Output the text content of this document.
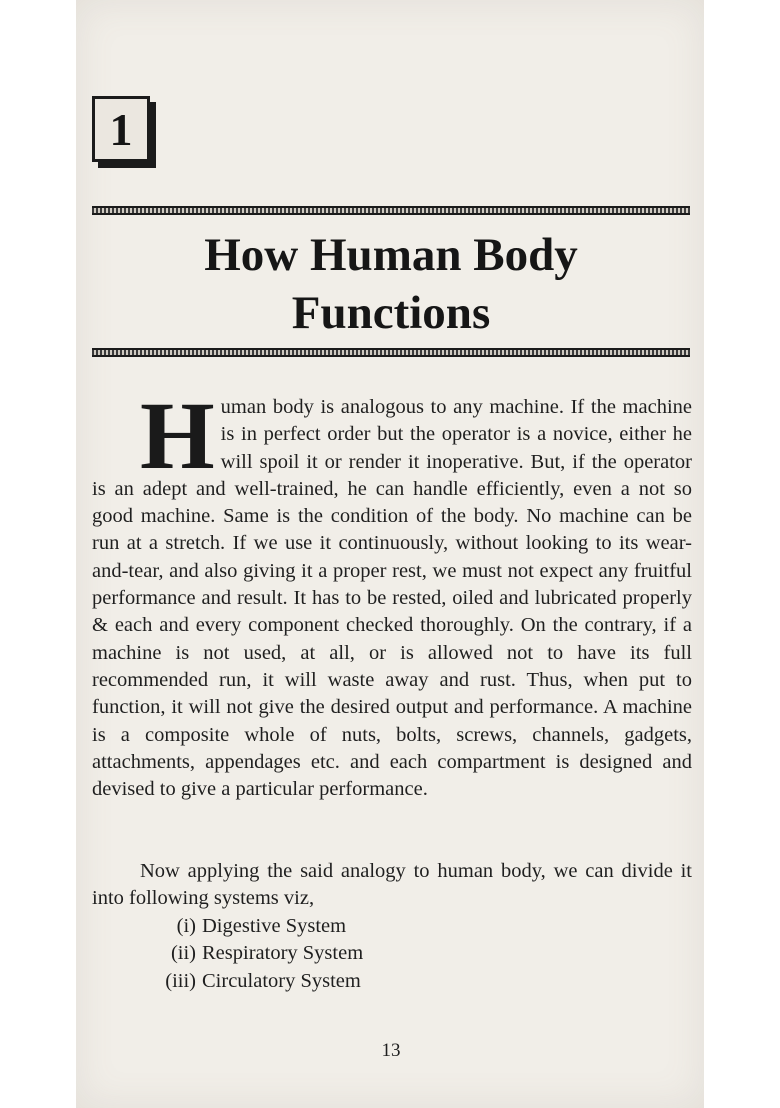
1
How Human Body
Functions

H uman body is analogous to any machine. If the machine is in perfect order but the operator is a novice, either he will spoil it or render it inoperative. But, if the operator is an adept and well-trained, he can handle efficiently, even a not so good machine. Same is the condition of the body. No machine can be run at a stretch. If we use it continuously, without looking to its wear-and-tear, and also giving it a proper rest, we must not expect any fruitful performance and result. It has to be rested, oiled and lubricated properly & each and every component checked thoroughly. On the contrary, if a machine is not used, at all, or is allowed not to have its full recommended run, it will waste away and rust. Thus, when put to function, it will not give the desired output and performance. A machine is a composite whole of nuts, bolts, screws, channels, gadgets, attachments, appendages etc. and each compartment is designed and devised to give a particular performance.

Now applying the said analogy to human body, we can divide it into following systems viz,

(i) Digestive System
(ii) Respiratory System
(iii) Circulatory System
13
